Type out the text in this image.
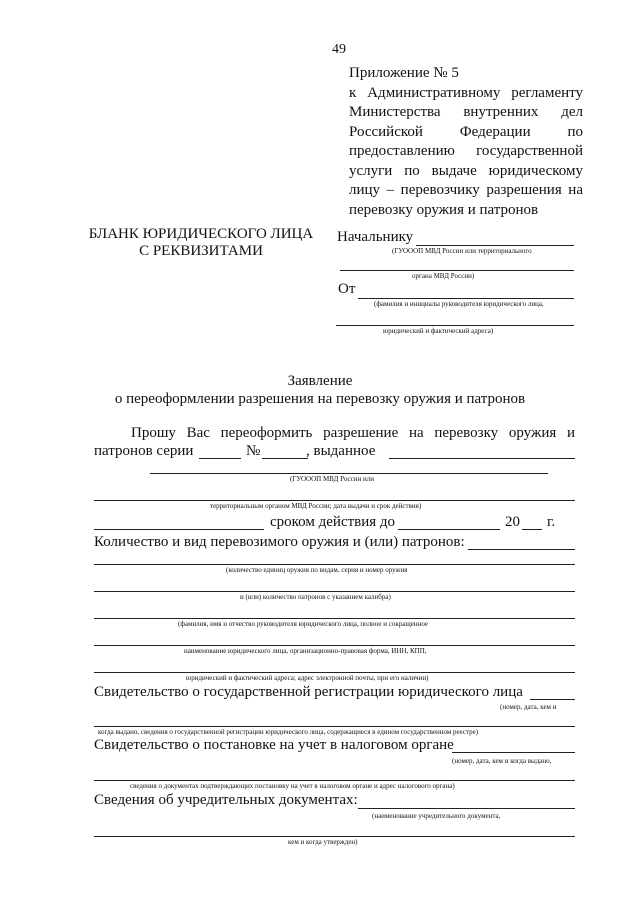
49
Приложение № 5
к Административному регламенту
Министерства внутренних дел
Российской Федерации по
предоставлению государственной
услуги по выдаче юридическому
лицу – перевозчику разрешения на
перевозку оружия и патронов
БЛАНК ЮРИДИЧЕСКОГО ЛИЦА
С РЕКВИЗИТАМИ
Начальнику
(ГУОООП МВД России или территориального
органа МВД России)
От
(фамилия и инициалы руководителя юридического лица,
юридический и фактический адреса)
Заявление
о переоформлении разрешения на перевозку оружия и патронов
Прошу Вас переоформить разрешение на перевозку оружия и
патронов серии	№	, выданное
(ГУОООП МВД России или
территориальным органом МВД России; дата выдачи и срок действия)
сроком действия до	20 г.
Количество и вид перевозимого оружия и (или) патронов:
(количество единиц оружия по видам, серия и номер оружия
и (или) количество патронов с указанием калибра)
(фамилия, имя и отчество руководителя юридического лица, полное и сокращенное
наименование юридического лица, организационно-правовая форма, ИНН, КПП,
юридический и фактический адреса; адрес электронной почты, при его наличии)
Свидетельство о государственной регистрации юридического лица
(номер, дата, кем и
когда выдано, сведения о государственной регистрации юридического лица, содержащиеся в едином государственном реестре)
Свидетельство о постановке на учет в налоговом органе
(номер, дата, кем и когда выдано,
сведения о документах подтверждающих постановку на учет в налоговом органе и адрес налогового органа)
Сведения об учредительных документах:
(наименование учредительного документа,
кем и когда утвержден)
